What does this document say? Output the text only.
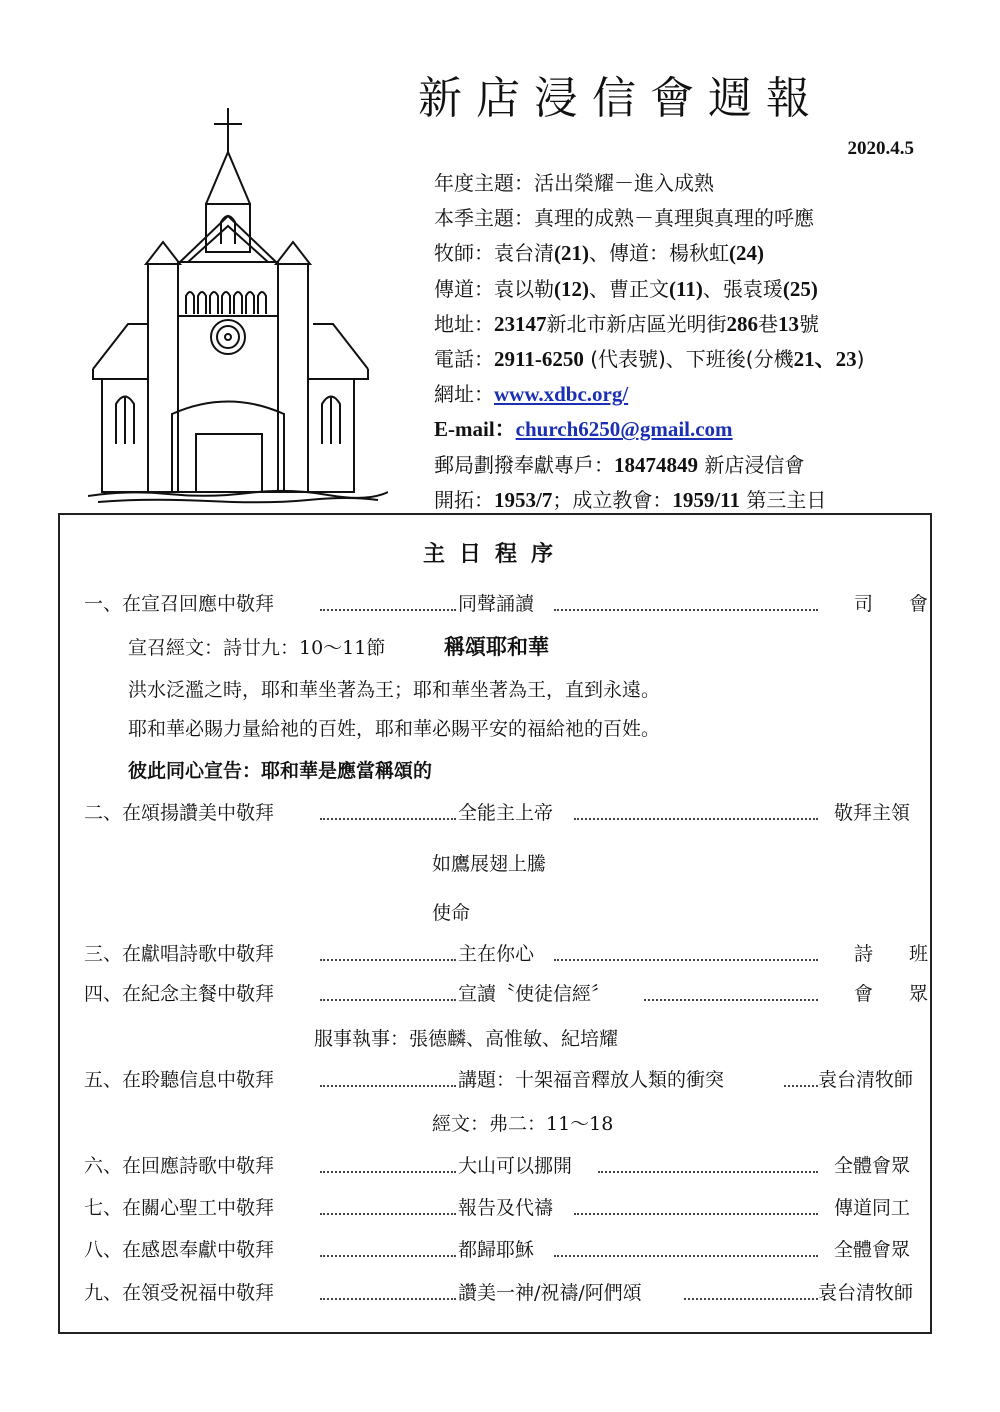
新店浸信會週報
2020.4.5
年度主題：活出榮耀－進入成熟
本季主題：真理的成熟－真理與真理的呼應
牧師：袁台清(21)、傳道：楊秋虹(24)
傳道：袁以勒(12)、曹正文(11)、張袁瑗(25)
地址：23147新北市新店區光明街286巷13號
電話：2911-6250 (代表號)、下班後(分機21、23)
網址：www.xdbc.org/
E-mail：church6250@gmail.com
郵局劃撥奉獻專戶：18474849 新店浸信會
開拓：1953/7；成立教會：1959/11 第三主日
主日程序
一、在宣召回應中敬拜	同聲誦讀	司會
宣召經文：詩廿九：10～11節	稱頌耶和華
洪水泛濫之時，耶和華坐著為王；耶和華坐著為王，直到永遠。
耶和華必賜力量給祂的百姓，耶和華必賜平安的福給祂的百姓。
彼此同心宣告：耶和華是應當稱頌的
二、在頌揚讚美中敬拜	全能主上帝	敬拜主領
如鷹展翅上騰
使命
三、在獻唱詩歌中敬拜	主在你心	詩班
四、在紀念主餐中敬拜	宣讀〝使徒信經〞	會眾
服事執事：張德麟、高惟敏、紀培耀
五、在聆聽信息中敬拜	講題：十架福音釋放人類的衝突	袁台清牧師
經文：弗二：11～18
六、在回應詩歌中敬拜	大山可以挪開	全體會眾
七、在關心聖工中敬拜	報告及代禱	傳道同工
八、在感恩奉獻中敬拜	都歸耶穌	全體會眾
九、在領受祝福中敬拜	讚美一神/祝禱/阿們頌	袁台清牧師
